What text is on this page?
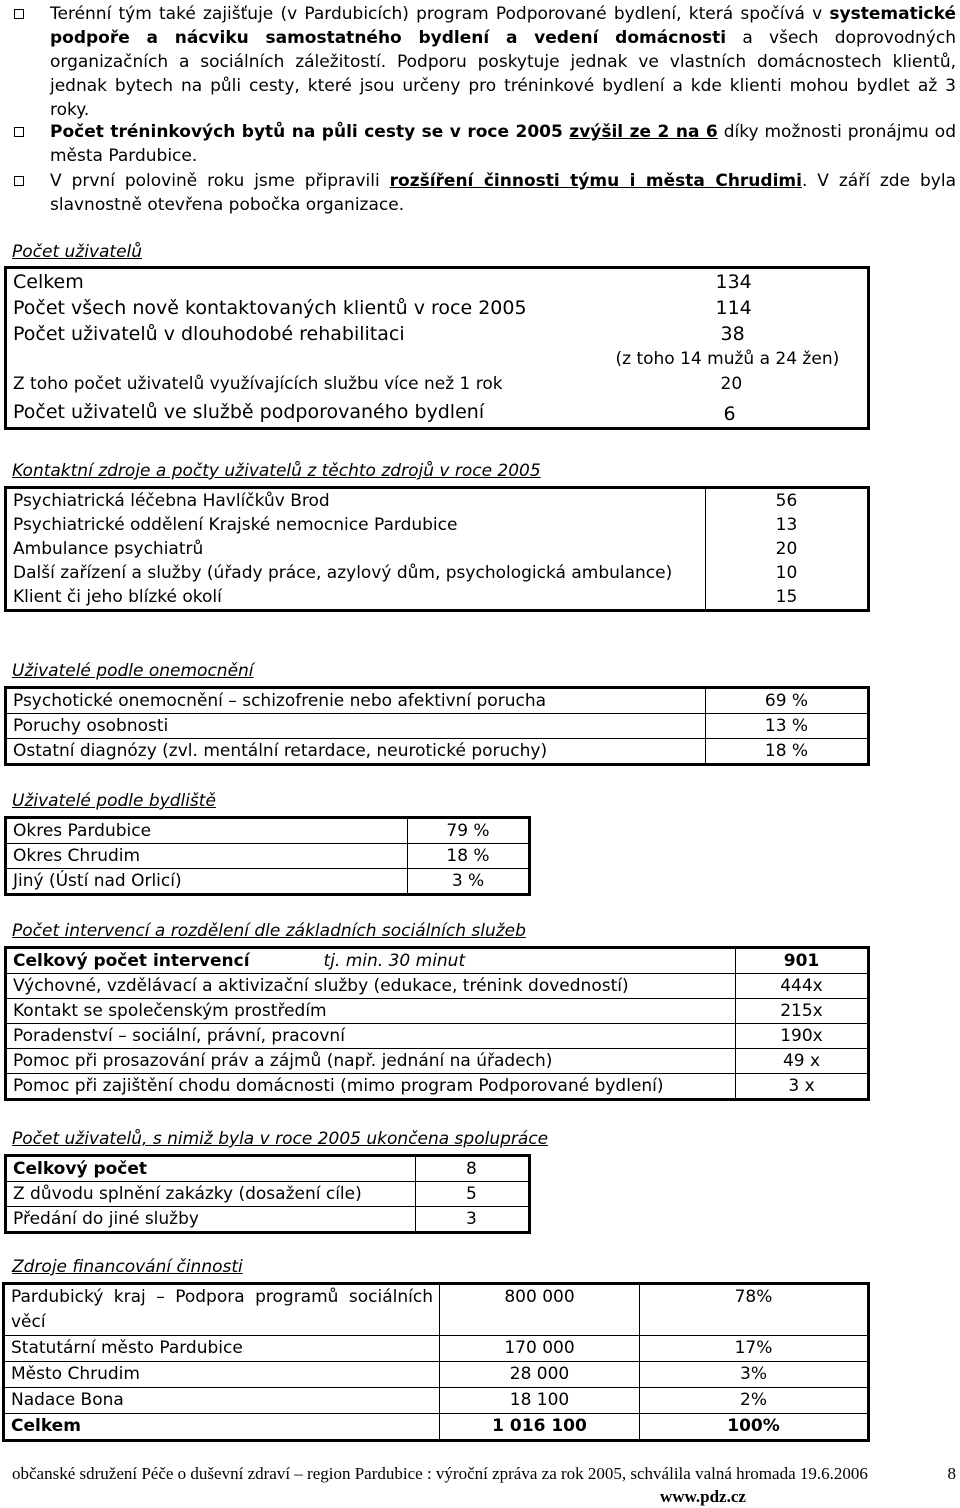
Terénní tým také zajišťuje (v Pardubicích) program Podporované bydlení, která spočívá v systematické podpoře a nácviku samostatného bydlení a vedení domácnosti a všech doprovodných organizačních a sociálních záležitostí. Podporu poskytuje jednak ve vlastních domácnostech klientů, jednak bytech na půli cesty, které jsou určeny pro tréninkové bydlení a kde klienti mohou bydlet až 3 roky.
Počet tréninkových bytů na půli cesty se v roce 2005 zvýšil ze 2 na 6 díky možnosti pronájmu od města Pardubice.
V první polovině roku jsme připravili rozšíření činnosti týmu i města Chrudimi. V září zde byla slavnostně otevřena pobočka organizace.
Počet uživatelů
Celkem	134
Počet všech nově kontaktovaných klientů v roce 2005	114
Počet uživatelů v dlouhodobé rehabilitaci	38
	(z toho 14 mužů a 24 žen)
Z toho počet uživatelů využívajících službu více než 1 rok	20
Počet uživatelů ve službě podporovaného bydlení	6
Kontaktní zdroje a počty uživatelů z těchto zdrojů v roce 2005
Psychiatrická léčebna Havlíčkův Brod	56
Psychiatrické oddělení Krajské nemocnice Pardubice	13
Ambulance psychiatrů	20
Další zařízení a služby (úřady práce, azylový dům, psychologická ambulance)	10
Klient či jeho blízké okolí	15
Uživatelé podle onemocnění
Psychotické onemocnění – schizofrenie nebo afektivní porucha	69 %
Poruchy osobnosti	13 %
Ostatní diagnózy (zvl. mentální retardace, neurotické poruchy)	18 %
Uživatelé podle bydliště
Okres Pardubice	79 %
Okres Chrudim	18 %
Jiný (Ústí nad Orlicí)	3 %
Počet intervencí a rozdělení dle základních sociálních služeb
Celkový počet intervencí tj. min. 30 minut	901
Výchovné, vzdělávací a aktivizační služby (edukace, trénink dovedností)	444x
Kontakt se společenským prostředím	215x
Poradenství – sociální, právní, pracovní	190x
Pomoc při prosazování práv a zájmů (např. jednání na úřadech)	49 x
Pomoc při zajištění chodu domácnosti (mimo program Podporované bydlení)	3 x
Počet uživatelů, s nimiž byla v roce 2005 ukončena spolupráce
Celkový počet	8
Z důvodu splnění zakázky (dosažení cíle)	5
Předání do jiné služby	3
Zdroje financování činnosti
Pardubický kraj – Podpora programů sociálních věcí	800 000	78%
Statutární město Pardubice	170 000	17%
Město Chrudim	28 000	3%
Nadace Bona	18 100	2%
Celkem	1 016 100	100%
občanské sdružení Péče o duševní zdraví – region Pardubice : výroční zpráva za rok 2005, schválila valná hromada 19.6.2006
www.pdz.cz
8
